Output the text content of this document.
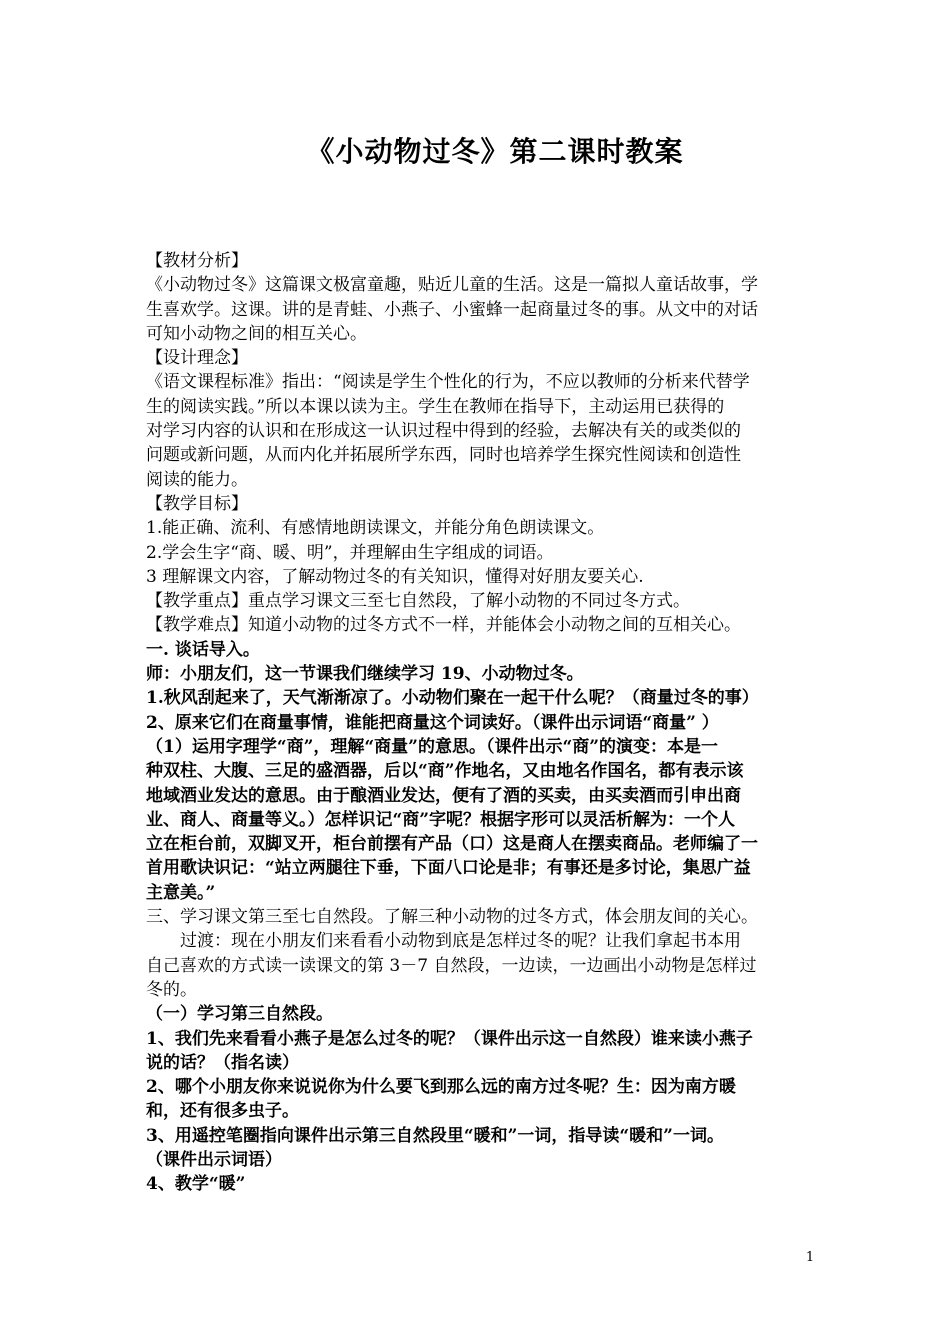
《小动物过冬》第二课时教案
【教材分析】
《小动物过冬》这篇课文极富童趣，贴近儿童的生活。这是一篇拟人童话故事，学
生喜欢学。这课。讲的是青蛙、小燕子、小蜜蜂一起商量过冬的事。从文中的对话
可知小动物之间的相互关心。
【设计理念】
《语文课程标准》指出：“阅读是学生个性化的行为，不应以教师的分析来代替学
生的阅读实践。”所以本课以读为主。学生在教师在指导下，主动运用已获得的
对学习内容的认识和在形成这一认识过程中得到的经验，去解决有关的或类似的
问题或新问题，从而内化并拓展所学东西，同时也培养学生探究性阅读和创造性
阅读的能力。
【教学目标】
1.能正确、流利、有感情地朗读课文，并能分角色朗读课文。
2.学会生字“商、暖、明”，并理解由生字组成的词语。
3 理解课文内容，了解动物过冬的有关知识，懂得对好朋友要关心.
【教学重点】重点学习课文三至七自然段，了解小动物的不同过冬方式。
【教学难点】知道小动物的过冬方式不一样，并能体会小动物之间的互相关心。
一. 谈话导入。
师：小朋友们，这一节课我们继续学习 19、小动物过冬。
1.秋风刮起来了，天气渐渐凉了。小动物们聚在一起干什么呢？（商量过冬的事）
2、原来它们在商量事情，谁能把商量这个词读好。（课件出示词语“商量” ）
（1）运用字理学“商”，理解“商量”的意思。（课件出示“商”的演变：本是一
种双柱、大腹、三足的盛酒器，后以“商”作地名，又由地名作国名，都有表示该
地域酒业发达的意思。由于酿酒业发达，便有了酒的买卖，由买卖酒而引申出商
业、商人、商量等义。）怎样识记“商”字呢？根据字形可以灵活析解为：一个人
立在柜台前，双脚叉开，柜台前摆有产品（口）这是商人在摆卖商品。老师编了一
首用歌诀识记：“站立两腿往下垂，下面八口论是非；有事还是多讨论，集思广益
主意美。”
三、学习课文第三至七自然段。了解三种小动物的过冬方式，体会朋友间的关心。
过渡：现在小朋友们来看看小动物到底是怎样过冬的呢？让我们拿起书本用
自己喜欢的方式读一读课文的第 3－7 自然段，一边读，一边画出小动物是怎样过
冬的。
（一）学习第三自然段。
1、我们先来看看小燕子是怎么过冬的呢？（课件出示这一自然段）谁来读小燕子
说的话？（指名读）
2、哪个小朋友你来说说你为什么要飞到那么远的南方过冬呢？生：因为南方暖
和，还有很多虫子。
3、用遥控笔圈指向课件出示第三自然段里“暖和”一词，指导读“暖和”一词。
（课件出示词语）
4、教学“暖”
1
